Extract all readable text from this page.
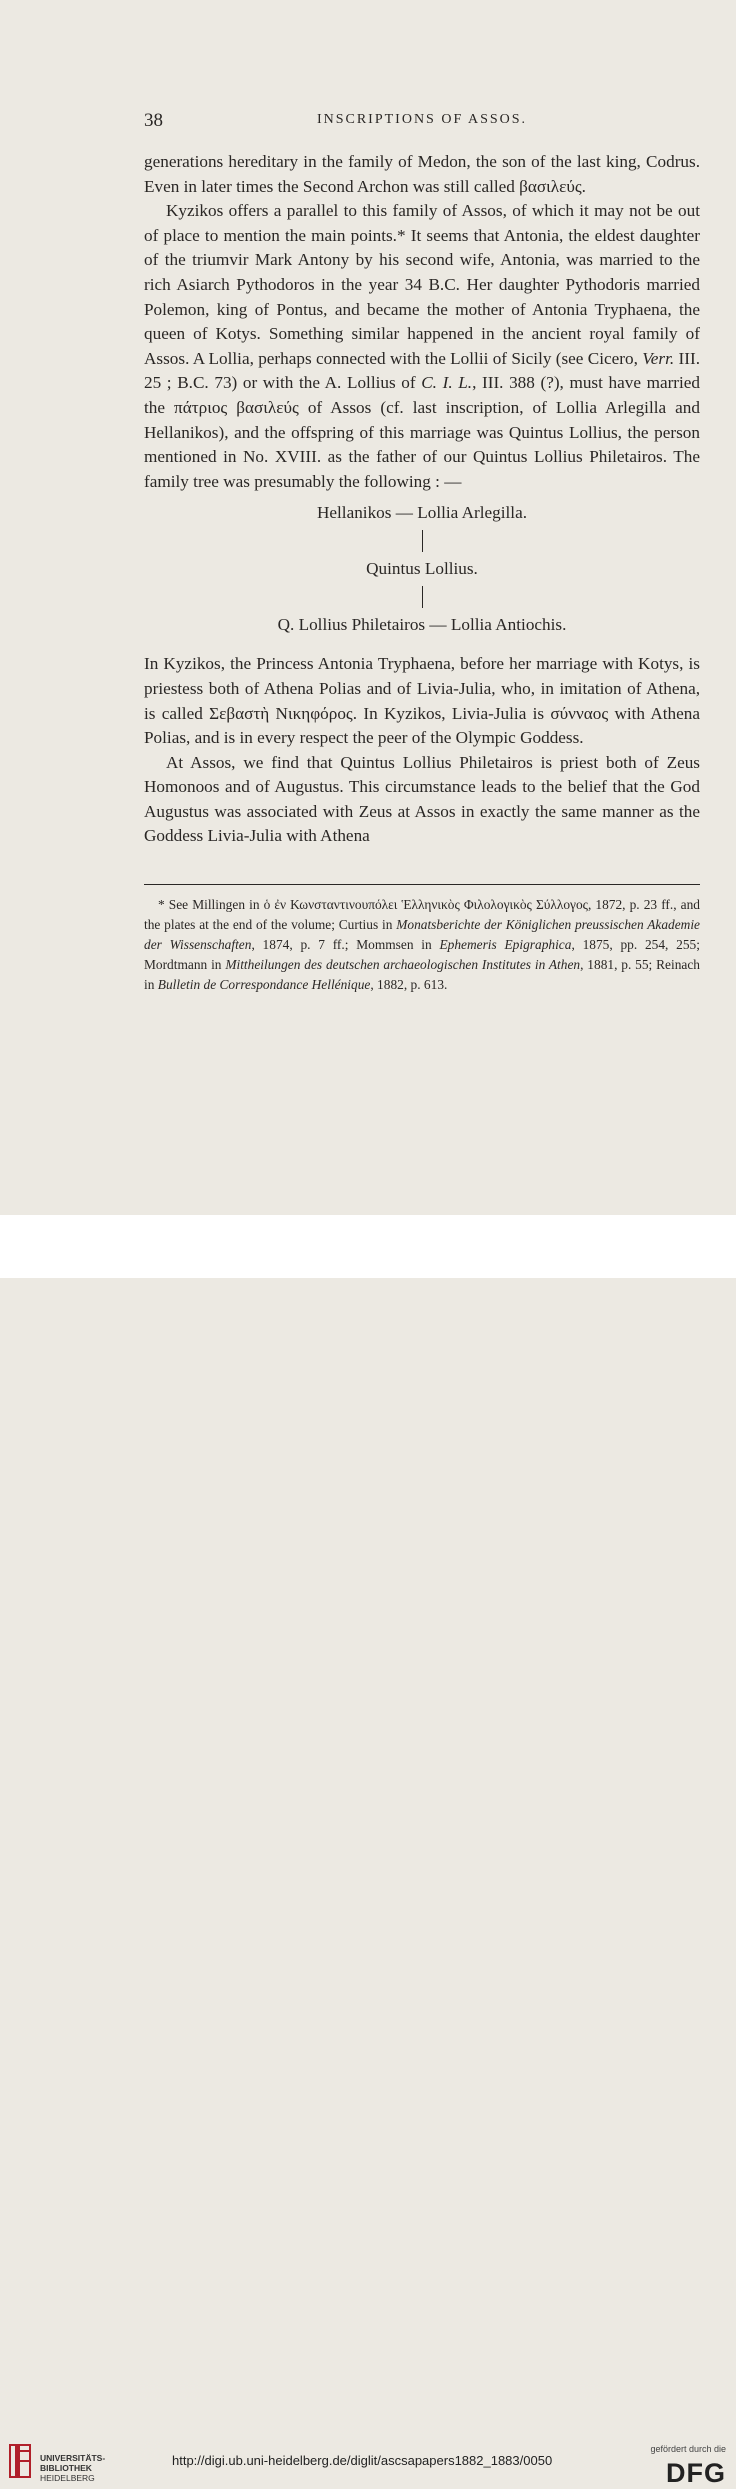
38	INSCRIPTIONS OF ASSOS.

generations hereditary in the family of Medon, the son of the last king, Codrus. Even in later times the Second Archon was still called βασιλεύς.

Kyzikos offers a parallel to this family of Assos, of which it may not be out of place to mention the main points.* It seems that Antonia, the eldest daughter of the triumvir Mark Antony by his second wife, Antonia, was married to the rich Asiarch Pythodoros in the year 34 B.C. Her daughter Pythodoris married Polemon, king of Pontus, and became the mother of Antonia Tryphaena, the queen of Kotys. Something similar happened in the ancient royal family of Assos. A Lollia, perhaps connected with the Lollii of Sicily (see Cicero, Verr. III. 25 ; B.C. 73) or with the A. Lollius of C. I. L., III. 388 (?), must have married the πάτριος βασιλεύς of Assos (cf. last inscription, of Lollia Arlegilla and Hellanikos), and the offspring of this marriage was Quintus Lollius, the person mentioned in No. XVIII. as the father of our Quintus Lollius Philetairos. The family tree was presumably the following : —

Hellanikos — Lollia Arlegilla.
Quintus Lollius.
Q. Lollius Philetairos — Lollia Antiochis.

In Kyzikos, the Princess Antonia Tryphaena, before her marriage with Kotys, is priestess both of Athena Polias and of Livia-Julia, who, in imitation of Athena, is called Σεβαστὴ Νικηφόρος. In Kyzikos, Livia-Julia is σύνναος with Athena Polias, and is in every respect the peer of the Olympic Goddess.

At Assos, we find that Quintus Lollius Philetairos is priest both of Zeus Homonoos and of Augustus. This circumstance leads to the belief that the God Augustus was associated with Zeus at Assos in exactly the same manner as the Goddess Livia-Julia with Athena

* See Millingen in ὁ ἐν Κωνσταντινουπόλει Ἑλληνικὸς Φιλολογικὸς Σύλλογος, 1872, p. 23 ff., and the plates at the end of the volume; Curtius in Monatsberichte der Königlichen preussischen Akademie der Wissenschaften, 1874, p. 7 ff.; Mommsen in Ephemeris Epigraphica, 1875, pp. 254, 255; Mordtmann in Mittheilungen des deutschen archaeologischen Institutes in Athen, 1881, p. 55; Reinach in Bulletin de Correspondance Hellénique, 1882, p. 613.

UNIVERSITÄTS-
BIBLIOTHEK
HEIDELBERG
http://digi.ub.uni-heidelberg.de/diglit/ascsapapers1882_1883/0050
gefördert durch die
DFG
